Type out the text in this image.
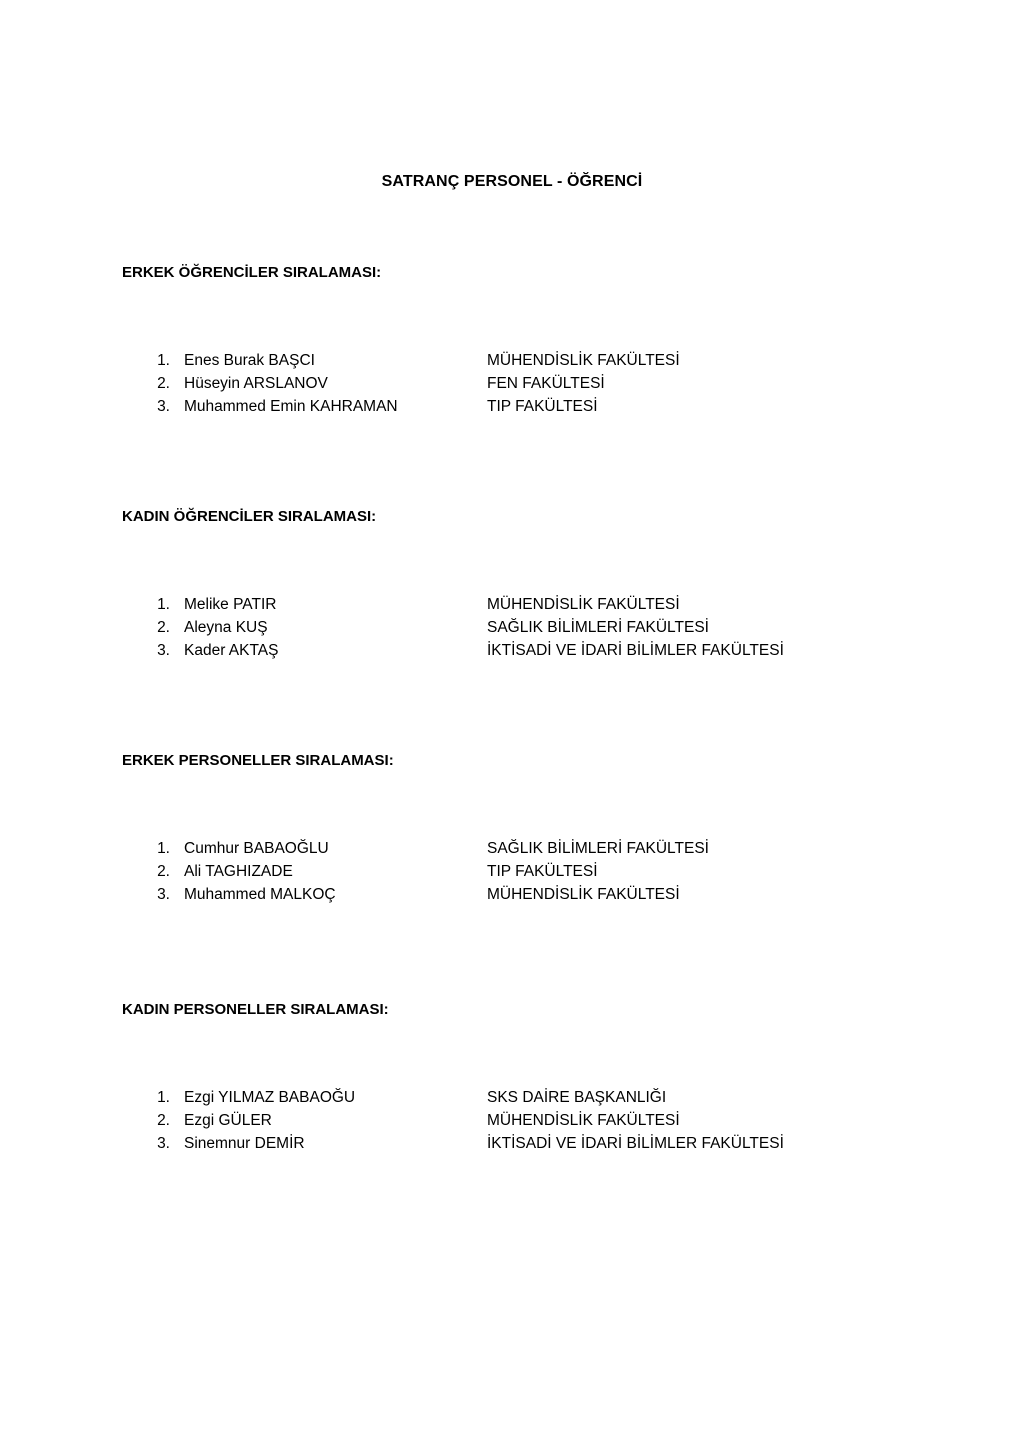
SATRANÇ PERSONEL - ÖĞRENCİ

ERKEK ÖĞRENCİLER SIRALAMASI:

1. Enes Burak BAŞCI	MÜHENDİSLİK FAKÜLTESİ
2. Hüseyin ARSLANOV	FEN FAKÜLTESİ
3. Muhammed Emin KAHRAMAN	TIP FAKÜLTESİ

KADIN ÖĞRENCİLER SIRALAMASI:

1. Melike PATIR	MÜHENDİSLİK FAKÜLTESİ
2. Aleyna KUŞ	SAĞLIK BİLİMLERİ FAKÜLTESİ
3. Kader AKTAŞ	İKTİSADİ VE İDARİ BİLİMLER FAKÜLTESİ

ERKEK PERSONELLER SIRALAMASI:

1. Cumhur BABAOĞLU	SAĞLIK BİLİMLERİ FAKÜLTESİ
2. Ali TAGHIZADE	TIP FAKÜLTESİ
3. Muhammed MALKOÇ	MÜHENDİSLİK FAKÜLTESİ

KADIN PERSONELLER SIRALAMASI:

1. Ezgi YILMAZ BABAOĞU	SKS DAİRE BAŞKANLIĞI
2. Ezgi GÜLER	MÜHENDİSLİK FAKÜLTESİ
3. Sinemnur DEMİR	İKTİSADİ VE İDARİ BİLİMLER FAKÜLTESİ
